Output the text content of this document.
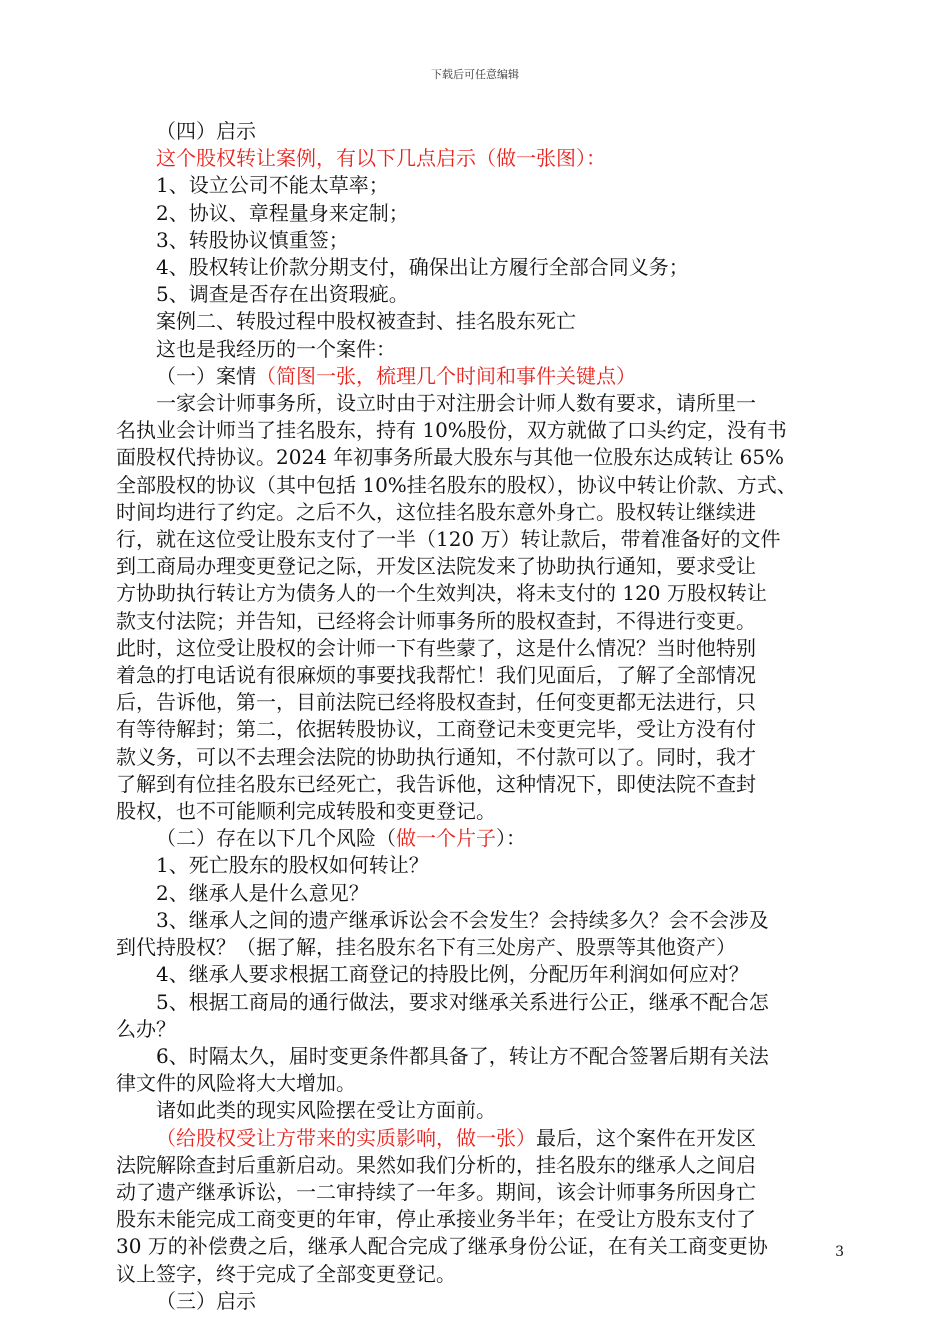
下载后可任意编辑

（四）启示

这个股权转让案例，有以下几点启示（做一张图）：

1、设立公司不能太草率；

2、协议、章程量身来定制；

3、转股协议慎重签；

4、股权转让价款分期支付，确保出让方履行全部合同义务；

5、调查是否存在出资瑕疵。

案例二、转股过程中股权被查封、挂名股东死亡

这也是我经历的一个案件：

（一）案情（简图一张，梳理几个时间和事件关键点）

一家会计师事务所，设立时由于对注册会计师人数有要求，请所里一

名执业会计师当了挂名股东，持有 10%股份，双方就做了口头约定，没有书

面股权代持协议。2024 年初事务所最大股东与其他一位股东达成转让 65%

全部股权的协议（其中包括 10%挂名股东的股权），协议中转让价款、方式、

时间均进行了约定。之后不久，这位挂名股东意外身亡。股权转让继续进

行，就在这位受让股东支付了一半（120 万）转让款后，带着准备好的文件

到工商局办理变更登记之际，开发区法院发来了协助执行通知，要求受让

方协助执行转让方为债务人的一个生效判决，将未支付的 120 万股权转让

款支付法院；并告知，已经将会计师事务所的股权查封，不得进行变更。

此时，这位受让股权的会计师一下有些蒙了，这是什么情况？当时他特别

着急的打电话说有很麻烦的事要找我帮忙！我们见面后，了解了全部情况

后，告诉他，第一，目前法院已经将股权查封，任何变更都无法进行，只

有等待解封；第二，依据转股协议，工商登记未变更完毕，受让方没有付

款义务，可以不去理会法院的协助执行通知，不付款可以了。同时，我才

了解到有位挂名股东已经死亡，我告诉他，这种情况下，即使法院不查封

股权，也不可能顺利完成转股和变更登记。

（二）存在以下几个风险（做一个片子）：

1、死亡股东的股权如何转让？

2、继承人是什么意见？

3、继承人之间的遗产继承诉讼会不会发生？会持续多久？会不会涉及

到代持股权？（据了解，挂名股东名下有三处房产、股票等其他资产）

4、继承人要求根据工商登记的持股比例，分配历年利润如何应对？

5、根据工商局的通行做法，要求对继承关系进行公正，继承不配合怎

么办？

6、时隔太久，届时变更条件都具备了，转让方不配合签署后期有关法

律文件的风险将大大增加。

诸如此类的现实风险摆在受让方面前。

（给股权受让方带来的实质影响，做一张）最后，这个案件在开发区

法院解除查封后重新启动。果然如我们分析的，挂名股东的继承人之间启

动了遗产继承诉讼，一二审持续了一年多。期间，该会计师事务所因身亡

股东未能完成工商变更的年审，停止承接业务半年；在受让方股东支付了

30 万的补偿费之后，继承人配合完成了继承身份公证，在有关工商变更协

议上签字，终于完成了全部变更登记。

（三）启示

3
